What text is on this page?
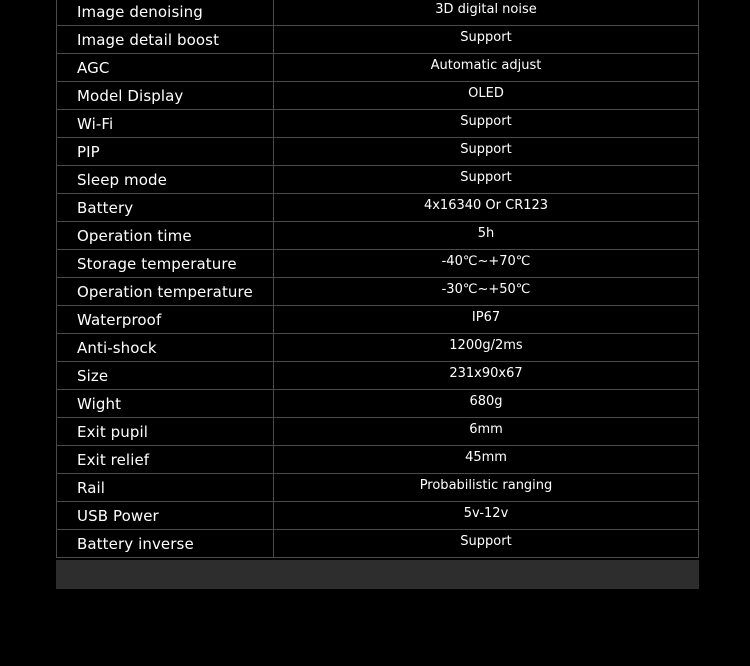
Image denoising	3D digital noise
Image detail boost	Support
AGC	Automatic adjust
Model Display	OLED
Wi-Fi	Support
PIP	Support
Sleep mode	Support
Battery	4x16340 Or CR123
Operation time	5h
Storage temperature	-40℃~+70℃
Operation temperature	-30℃~+50℃
Waterproof	IP67
Anti-shock	1200g/2ms
Size	231x90x67
Wight	680g
Exit pupil	6mm
Exit relief	45mm
Rail	Probabilistic ranging
USB Power	5v-12v
Battery inverse	Support
